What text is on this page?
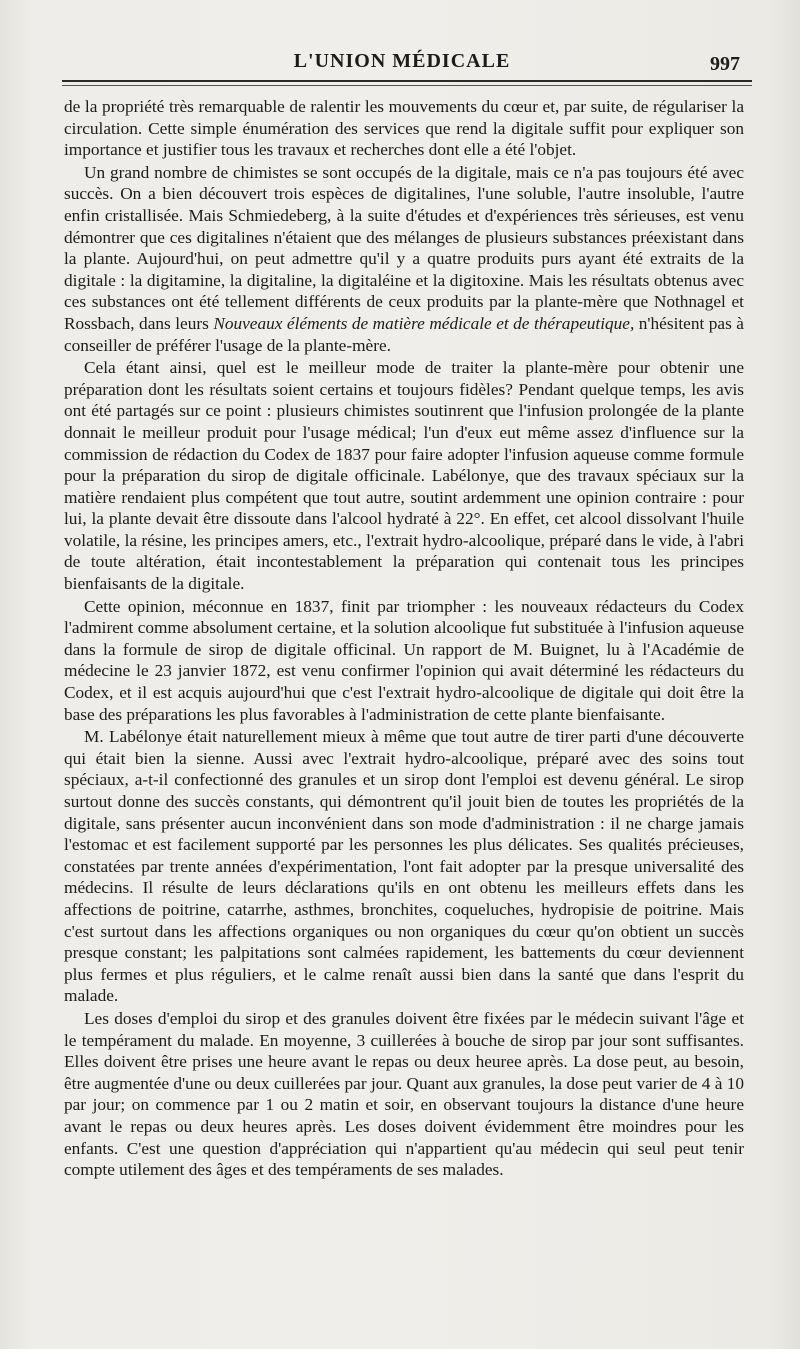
L'UNION MÉDICALE	997

de la propriété très remarquable de ralentir les mouvements du cœur et, par suite, de régulariser la circulation. Cette simple énumération des services que rend la digitale suffit pour expliquer son importance et justifier tous les travaux et recherches dont elle a été l'objet.

Un grand nombre de chimistes se sont occupés de la digitale, mais ce n'a pas toujours été avec succès. On a bien découvert trois espèces de digitalines, l'une soluble, l'autre insoluble, l'autre enfin cristallisée. Mais Schmiedeberg, à la suite d'études et d'expériences très sérieuses, est venu démontrer que ces digitalines n'étaient que des mélanges de plusieurs substances préexistant dans la plante. Aujourd'hui, on peut admettre qu'il y a quatre produits purs ayant été extraits de la digitale : la digitamine, la digitaline, la digitaléine et la digitoxine. Mais les résultats obtenus avec ces substances ont été tellement différents de ceux produits par la plante-mère que Nothnagel et Rossbach, dans leurs Nouveaux éléments de matière médicale et de thérapeutique, n'hésitent pas à conseiller de préférer l'usage de la plante-mère.

Cela étant ainsi, quel est le meilleur mode de traiter la plante-mère pour obtenir une préparation dont les résultats soient certains et toujours fidèles? Pendant quelque temps, les avis ont été partagés sur ce point : plusieurs chimistes soutinrent que l'infusion prolongée de la plante donnait le meilleur produit pour l'usage médical; l'un d'eux eut même assez d'influence sur la commission de rédaction du Codex de 1837 pour faire adopter l'infusion aqueuse comme formule pour la préparation du sirop de digitale officinale. Labélonye, que des travaux spéciaux sur la matière rendaient plus compétent que tout autre, soutint ardemment une opinion contraire : pour lui, la plante devait être dissoute dans l'alcool hydraté à 22°. En effet, cet alcool dissolvant l'huile volatile, la résine, les principes amers, etc., l'extrait hydro-alcoolique, préparé dans le vide, à l'abri de toute altération, était incontestablement la préparation qui contenait tous les principes bienfaisants de la digitale.

Cette opinion, méconnue en 1837, finit par triompher : les nouveaux rédacteurs du Codex l'admirent comme absolument certaine, et la solution alcoolique fut substituée à l'infusion aqueuse dans la formule de sirop de digitale officinal. Un rapport de M. Buignet, lu à l'Académie de médecine le 23 janvier 1872, est venu confirmer l'opinion qui avait déterminé les rédacteurs du Codex, et il est acquis aujourd'hui que c'est l'extrait hydro-alcoolique de digitale qui doit être la base des préparations les plus favorables à l'administration de cette plante bienfaisante.

M. Labélonye était naturellement mieux à même que tout autre de tirer parti d'une découverte qui était bien la sienne. Aussi avec l'extrait hydro-alcoolique, préparé avec des soins tout spéciaux, a-t-il confectionné des granules et un sirop dont l'emploi est devenu général. Le sirop surtout donne des succès constants, qui démontrent qu'il jouit bien de toutes les propriétés de la digitale, sans présenter aucun inconvénient dans son mode d'administration : il ne charge jamais l'estomac et est facilement supporté par les personnes les plus délicates. Ses qualités précieuses, constatées par trente années d'expérimentation, l'ont fait adopter par la presque universalité des médecins. Il résulte de leurs déclarations qu'ils en ont obtenu les meilleurs effets dans les affections de poitrine, catarrhe, asthmes, bronchites, coqueluches, hydropisie de poitrine. Mais c'est surtout dans les affections organiques ou non organiques du cœur qu'on obtient un succès presque constant; les palpitations sont calmées rapidement, les battements du cœur deviennent plus fermes et plus réguliers, et le calme renaît aussi bien dans la santé que dans l'esprit du malade.

Les doses d'emploi du sirop et des granules doivent être fixées par le médecin suivant l'âge et le tempérament du malade. En moyenne, 3 cuillerées à bouche de sirop par jour sont suffisantes. Elles doivent être prises une heure avant le repas ou deux heuree après. La dose peut, au besoin, être augmentée d'une ou deux cuillerées par jour. Quant aux granules, la dose peut varier de 4 à 10 par jour; on commence par 1 ou 2 matin et soir, en observant toujours la distance d'une heure avant le repas ou deux heures après. Les doses doivent évidemment être moindres pour les enfants. C'est une question d'appréciation qui n'appartient qu'au médecin qui seul peut tenir compte utilement des âges et des tempéraments de ses malades.
